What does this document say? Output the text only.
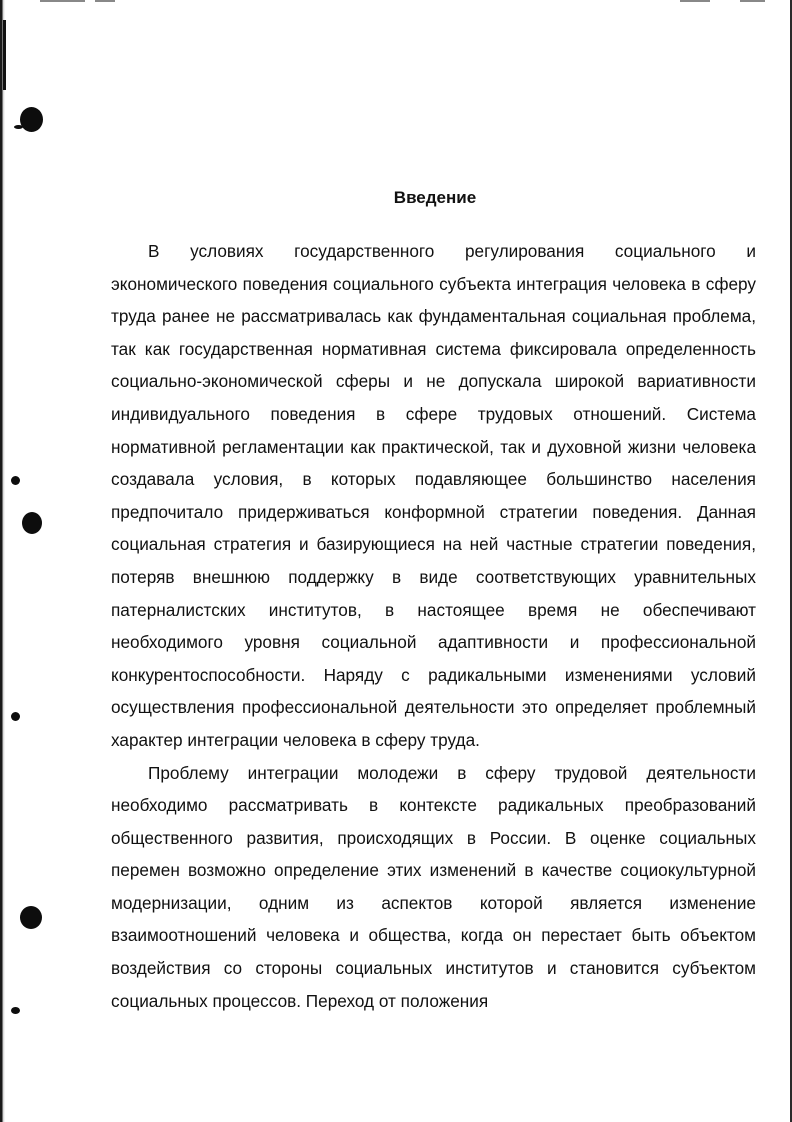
Введение

В условиях государственного регулирования социального и экономического поведения социального субъекта интеграция человека в сферу труда ранее не рассматривалась как фундаментальная социальная проблема, так как государственная нормативная система фиксировала определенность социально-экономической сферы и не допускала широкой вариативности индивидуального поведения в сфере трудовых отношений. Система нормативной регламентации как практической, так и духовной жизни человека создавала условия, в которых подавляющее большинство населения предпочитало придерживаться конформной стратегии поведения. Данная социальная стратегия и базирующиеся на ней частные стратегии поведения, потеряв внешнюю поддержку в виде соответствующих уравнительных патерналистских институтов, в настоящее время не обеспечивают необходимого уровня социальной адаптивности и профессиональной конкурентоспособности. Наряду с радикальными изменениями условий осуществления профессиональной деятельности это определяет проблемный характер интеграции человека в сферу труда.

Проблему интеграции молодежи в сферу трудовой деятельности необходимо рассматривать в контексте радикальных преобразований общественного развития, происходящих в России. В оценке социальных перемен возможно определение этих изменений в качестве социокультурной модернизации, одним из аспектов которой является изменение взаимоотношений человека и общества, когда он перестает быть объектом воздействия со стороны социальных институтов и становится субъектом социальных процессов. Переход от положения
